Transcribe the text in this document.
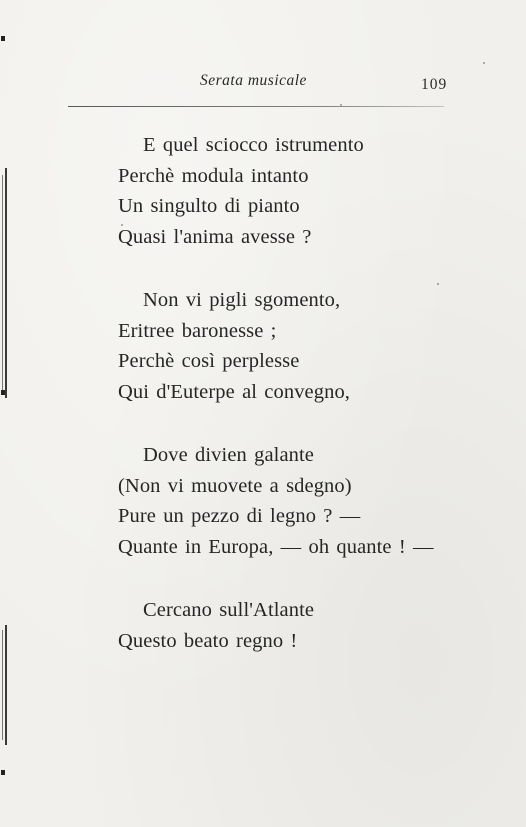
Serata musicale	109
E quel sciocco istrumento
Perchè modula intanto
Un singulto di pianto
Quasi l'anima avesse ?
Non vi pigli sgomento,
Eritree baronesse ;
Perchè così perplesse
Qui d'Euterpe al convegno,
Dove divien galante
(Non vi muovete a sdegno)
Pure un pezzo di legno ? —
Quante in Europa, — oh quante ! —
Cercano sull'Atlante
Questo beato regno !
